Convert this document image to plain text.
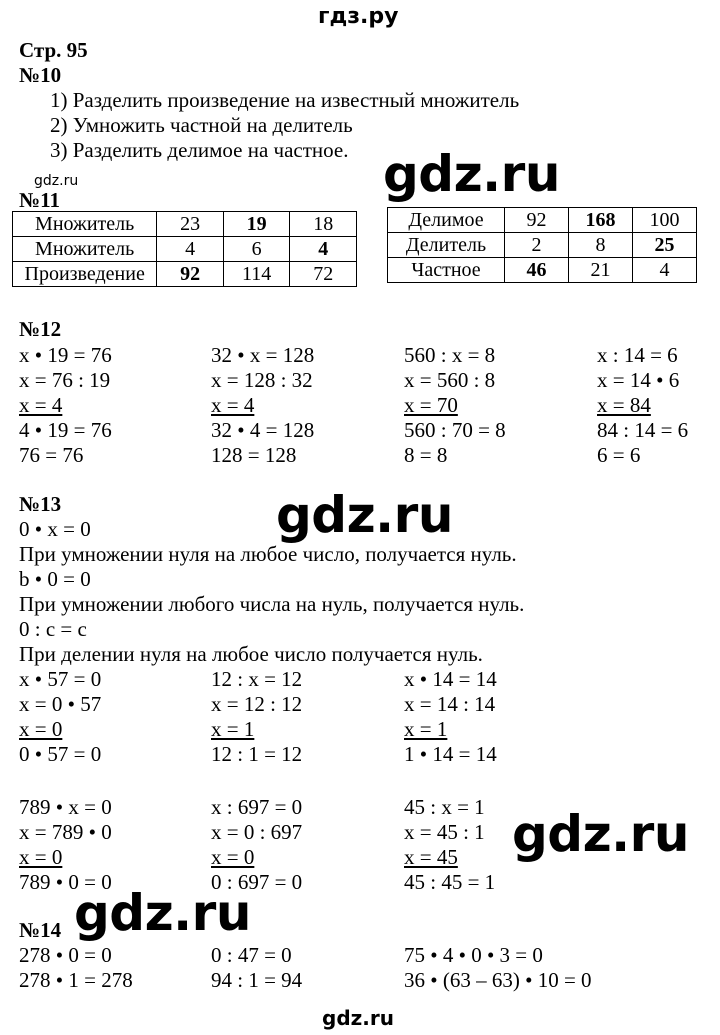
гдз.ру
gdz.ru	gdz.ru
gdz.ru
gdz.ru
gdz.ru
gdz.ru
Стр. 95
№10
1) Разделить произведение на известный множитель
2) Умножить частной на делитель
3) Разделить делимое на частное.
№11
Множитель	23	19	18
Множитель	4	6	4
Произведение	92	114	72
Делимое	92	168	100
Делитель	2	8	25
Частное	46	21	4
№12
x • 19 = 76
x = 76 : 19
x = 4
4 • 19 = 76
76 = 76
32 • x = 128
x = 128 : 32
x = 4
32 • 4 = 128
128 = 128
560 : x = 8
x = 560 : 8
x = 70
560 : 70 = 8
8 = 8
x : 14 = 6
x = 14 • 6
x = 84
84 : 14 = 6
6 = 6
№13
0 • x = 0
При умножении нуля на любое число, получается нуль.
b • 0 = 0
При умножении любого числа на нуль, получается нуль.
0 : c = c
При делении нуля на любое число получается нуль.
x • 57 = 0
x = 0 • 57
x = 0
0 • 57 = 0
12 : x = 12
x = 12 : 12
x = 1
12 : 1 = 12
x • 14 = 14
x = 14 : 14
x = 1
1 • 14 = 14
789 • x = 0
x = 789 • 0
x = 0
789 • 0 = 0
x : 697 = 0
x = 0 : 697
x = 0
0 : 697 = 0
45 : x = 1
x = 45 : 1
x = 45
45 : 45 = 1
№14
278 • 0 = 0
278 • 1 = 278
0 : 47 = 0
94 : 1 = 94
75 • 4 • 0 • 3 = 0
36 • (63 – 63) • 10 = 0
